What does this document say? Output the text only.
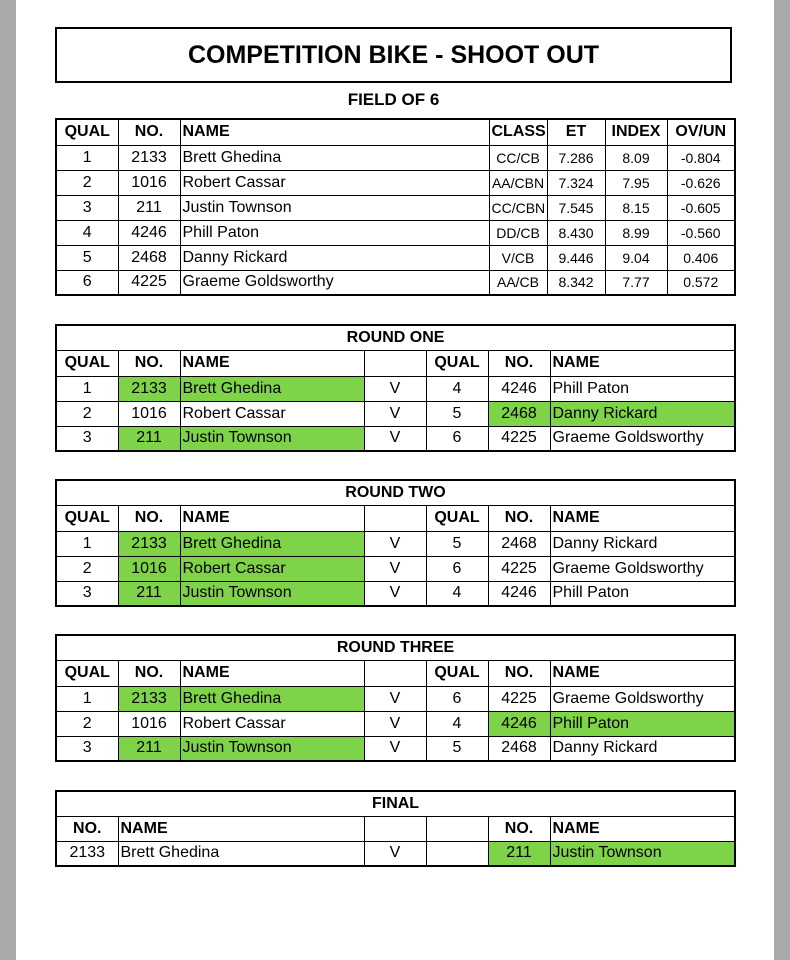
COMPETITION BIKE - SHOOT OUT
FIELD OF 6
QUAL	NO.	NAME	CLASS	ET	INDEX	OV/UN
1	2133	Brett Ghedina	CC/CB	7.286	8.09	-0.804
2	1016	Robert Cassar	AA/CBN	7.324	7.95	-0.626
3	211	Justin Townson	CC/CBN	7.545	8.15	-0.605
4	4246	Phill Paton	DD/CB	8.430	8.99	-0.560
5	2468	Danny Rickard	V/CB	9.446	9.04	0.406
6	4225	Graeme Goldsworthy	AA/CB	8.342	7.77	0.572
ROUND ONE						
QUAL	NO.	NAME		QUAL	NO.	NAME
1	2133	Brett Ghedina	V	4	4246	Phill Paton
2	1016	Robert Cassar	V	5	2468	Danny Rickard
3	211	Justin Townson	V	6	4225	Graeme Goldsworthy
ROUND TWO						
QUAL	NO.	NAME		QUAL	NO.	NAME
1	2133	Brett Ghedina	V	5	2468	Danny Rickard
2	1016	Robert Cassar	V	6	4225	Graeme Goldsworthy
3	211	Justin Townson	V	4	4246	Phill Paton
ROUND THREE						
QUAL	NO.	NAME		QUAL	NO.	NAME
1	2133	Brett Ghedina	V	6	4225	Graeme Goldsworthy
2	1016	Robert Cassar	V	4	4246	Phill Paton
3	211	Justin Townson	V	5	2468	Danny Rickard
FINAL					
NO.	NAME			NO.	NAME
2133	Brett Ghedina	V		211	Justin Townson
